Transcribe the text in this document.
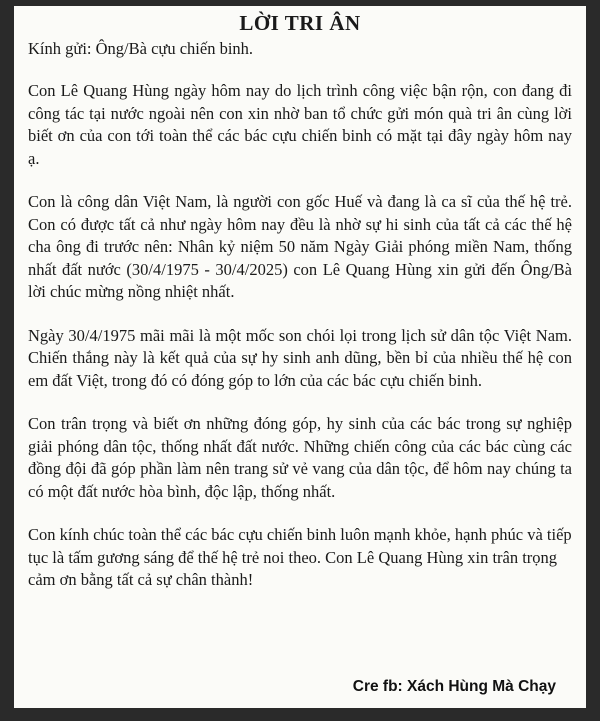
LỜI TRI ÂN
Kính gửi: Ông/Bà cựu chiến binh.
Con Lê Quang Hùng ngày hôm nay do lịch trình công việc bận rộn, con đang đi công tác tại nước ngoài nên con xin nhờ ban tổ chức gửi món quà tri ân cùng lời biết ơn của con tới toàn thể các bác cựu chiến binh có mặt tại đây ngày hôm nay ạ.
Con là công dân Việt Nam, là người con gốc Huế và đang là ca sĩ của thế hệ trẻ. Con có được tất cả như ngày hôm nay đều là nhờ sự hi sinh của tất cả các thế hệ cha ông đi trước nên: Nhân kỷ niệm 50 năm Ngày Giải phóng miền Nam, thống nhất đất nước (30/4/1975 - 30/4/2025) con Lê Quang Hùng xin gửi đến Ông/Bà lời chúc mừng nồng nhiệt nhất.
Ngày 30/4/1975 mãi mãi là một mốc son chói lọi trong lịch sử dân tộc Việt Nam. Chiến thắng này là kết quả của sự hy sinh anh dũng, bền bỉ của nhiều thế hệ con em đất Việt, trong đó có đóng góp to lớn của các bác cựu chiến binh.
Con trân trọng và biết ơn những đóng góp, hy sinh của các bác trong sự nghiệp giải phóng dân tộc, thống nhất đất nước. Những chiến công của các bác cùng các đồng đội đã góp phần làm nên trang sử vẻ vang của dân tộc, để hôm nay chúng ta có một đất nước hòa bình, độc lập, thống nhất.
Con kính chúc toàn thể các bác cựu chiến binh luôn mạnh khỏe, hạnh phúc và tiếp tục là tấm gương sáng để thế hệ trẻ noi theo. Con Lê Quang Hùng xin trân trọng cảm ơn bằng tất cả sự chân thành!
Cre fb: Xách Hùng Mà Chạy
